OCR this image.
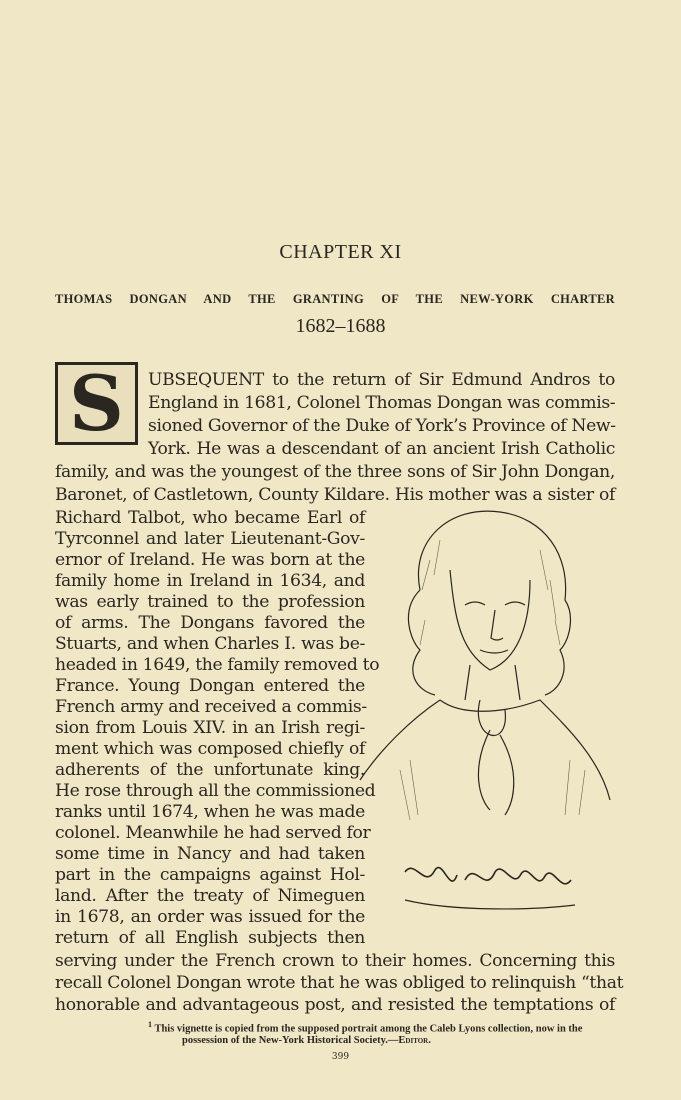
CHAPTER XI
THOMAS DONGAN AND THE GRANTING OF THE NEW-YORK CHARTER
1682–1688
S UBSEQUENT to the return of Sir Edmund Andros to
England in 1681, Colonel Thomas Dongan was commis-
sioned Governor of the Duke of York’s Province of New-
York. He was a descendant of an ancient Irish Catholic
family, and was the youngest of the three sons of Sir John Dongan,
Baronet, of Castletown, County Kildare. His mother was a sister of
Richard Talbot, who became Earl of
Tyrconnel and later Lieutenant-Gov-
ernor of Ireland. He was born at the
family home in Ireland in 1634, and
was early trained to the profession
of arms. The Dongans favored the
Stuarts, and when Charles I. was be-
headed in 1649, the family removed to
France. Young Dongan entered the
French army and received a commis-
sion from Louis XIV. in an Irish regi-
ment which was composed chiefly of
adherents of the unfortunate king.
He rose through all the commissioned
ranks until 1674, when he was made
colonel. Meanwhile he had served for
some time in Nancy and had taken
part in the campaigns against Hol-
land. After the treaty of Nimeguen
in 1678, an order was issued for the
return of all English subjects then
serving under the French crown to their homes. Concerning this
recall Colonel Dongan wrote that he was obliged to relinquish “that
honorable and advantageous post, and resisted the temptations of
$^1$ This vignette is copied from the supposed portrait among the Caleb Lyons collection, now in the
possession of the New-York Historical Society.—Editor.
399
